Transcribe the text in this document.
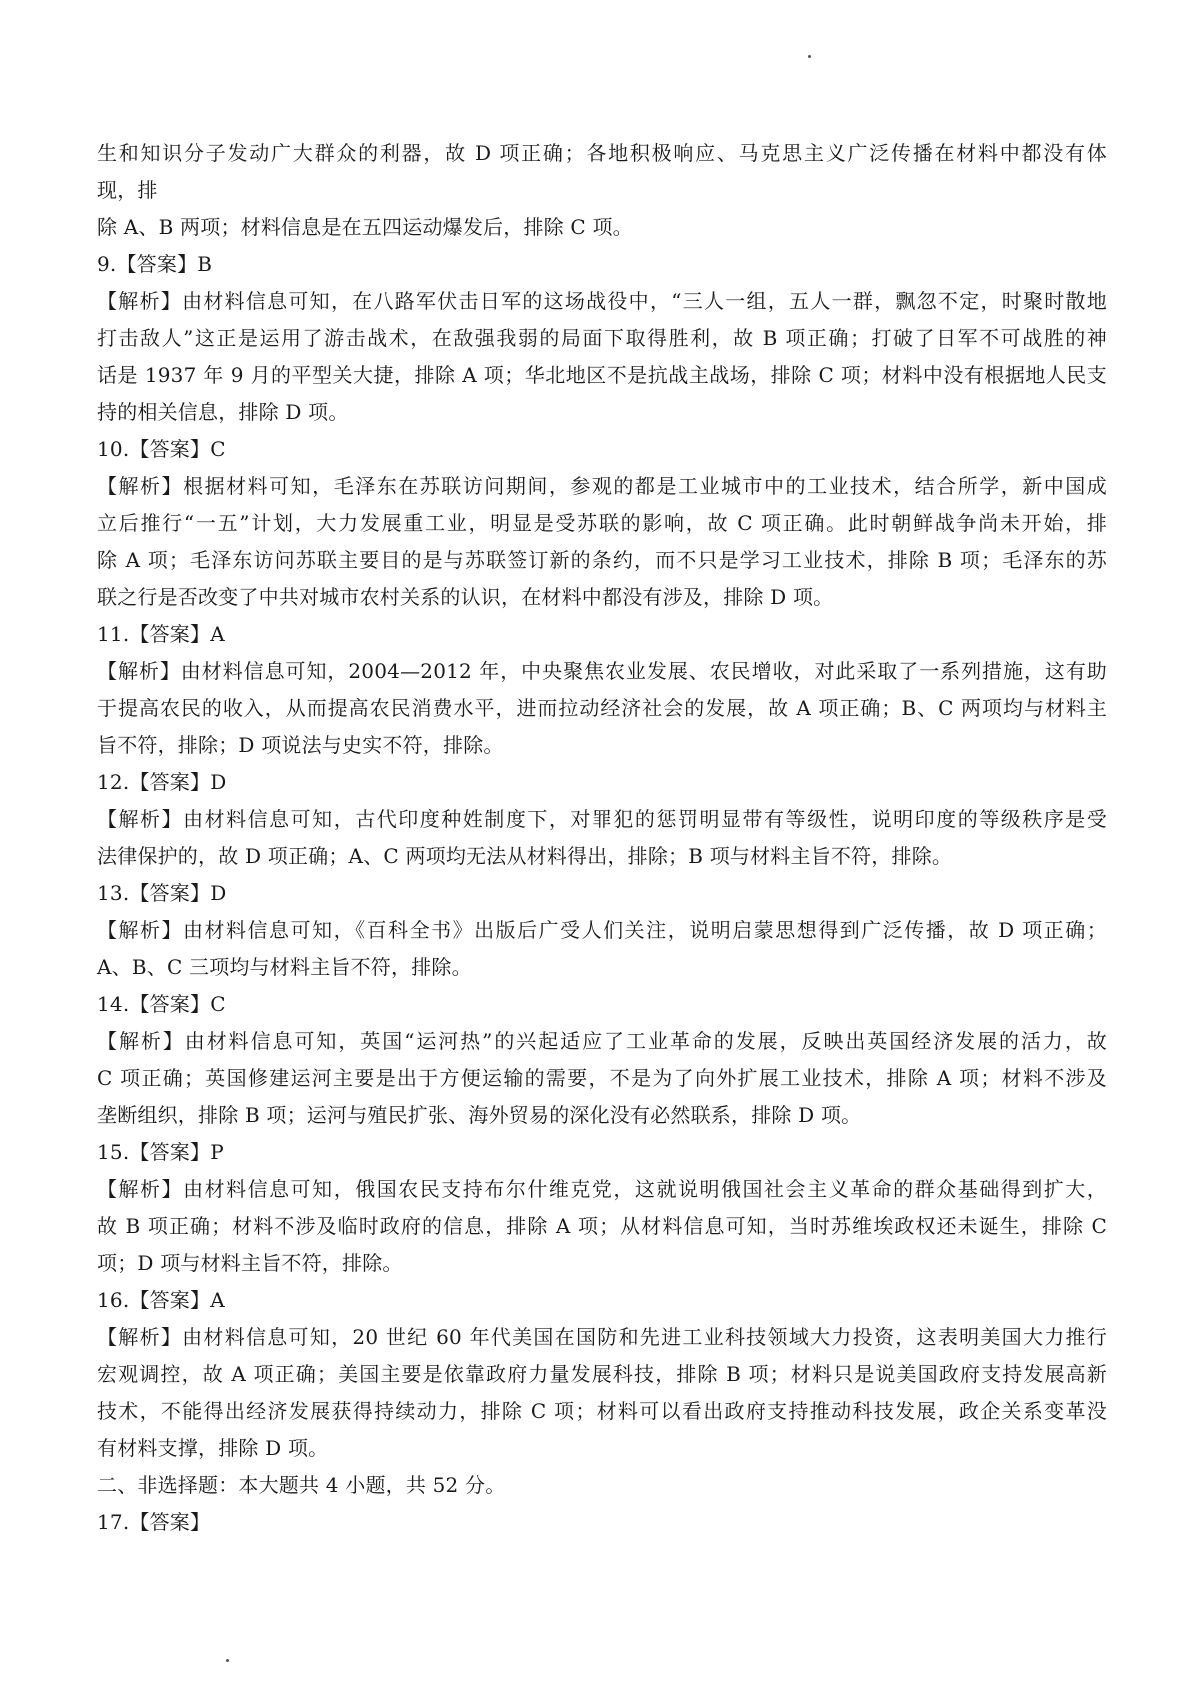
生和知识分子发动广大群众的利器，故 D 项正确；各地积极响应、马克思主义广泛传播在材料中都没有体
现，排
除 A、B 两项；材料信息是在五四运动爆发后，排除 C 项。
9.【答案】B
【解析】由材料信息可知，在八路军伏击日军的这场战役中，“三人一组，五人一群，飘忽不定，时聚时散地
打击敌人”这正是运用了游击战术，在敌强我弱的局面下取得胜利，故 B 项正确；打破了日军不可战胜的神
话是 1937 年 9 月的平型关大捷，排除 A 项；华北地区不是抗战主战场，排除 C 项；材料中没有根据地人民支
持的相关信息，排除 D 项。
10.【答案】C
【解析】根据材料可知，毛泽东在苏联访问期间，参观的都是工业城市中的工业技术，结合所学，新中国成
立后推行“一五”计划，大力发展重工业，明显是受苏联的影响，故 C 项正确。此时朝鲜战争尚未开始，排
除 A 项；毛泽东访问苏联主要目的是与苏联签订新的条约，而不只是学习工业技术，排除 B 项；毛泽东的苏
联之行是否改变了中共对城市农村关系的认识，在材料中都没有涉及，排除 D 项。
11.【答案】A
【解析】由材料信息可知，2004—2012 年，中央聚焦农业发展、农民增收，对此采取了一系列措施，这有助
于提高农民的收入，从而提高农民消费水平，进而拉动经济社会的发展，故 A 项正确；B、C 两项均与材料主
旨不符，排除；D 项说法与史实不符，排除。
12.【答案】D
【解析】由材料信息可知，古代印度种姓制度下，对罪犯的惩罚明显带有等级性，说明印度的等级秩序是受
法律保护的，故 D 项正确；A、C 两项均无法从材料得出，排除；B 项与材料主旨不符，排除。
13.【答案】D
【解析】由材料信息可知，《百科全书》出版后广受人们关注，说明启蒙思想得到广泛传播，故 D 项正确；
A、B、C 三项均与材料主旨不符，排除。
14.【答案】C
【解析】由材料信息可知，英国“运河热”的兴起适应了工业革命的发展，反映出英国经济发展的活力，故
C 项正确；英国修建运河主要是出于方便运输的需要，不是为了向外扩展工业技术，排除 A 项；材料不涉及
垄断组织，排除 B 项；运河与殖民扩张、海外贸易的深化没有必然联系，排除 D 项。
15.【答案】P
【解析】由材料信息可知，俄国农民支持布尔什维克党，这就说明俄国社会主义革命的群众基础得到扩大，
故 B 项正确；材料不涉及临时政府的信息，排除 A 项；从材料信息可知，当时苏维埃政权还未诞生，排除 C
项；D 项与材料主旨不符，排除。
16.【答案】A
【解析】由材料信息可知，20 世纪 60 年代美国在国防和先进工业科技领域大力投资，这表明美国大力推行
宏观调控，故 A 项正确；美国主要是依靠政府力量发展科技，排除 B 项；材料只是说美国政府支持发展高新
技术，不能得出经济发展获得持续动力，排除 C 项；材料可以看出政府支持推动科技发展，政企关系变革没
有材料支撑，排除 D 项。
二、非选择题：本大题共 4 小题，共 52 分。
17.【答案】
